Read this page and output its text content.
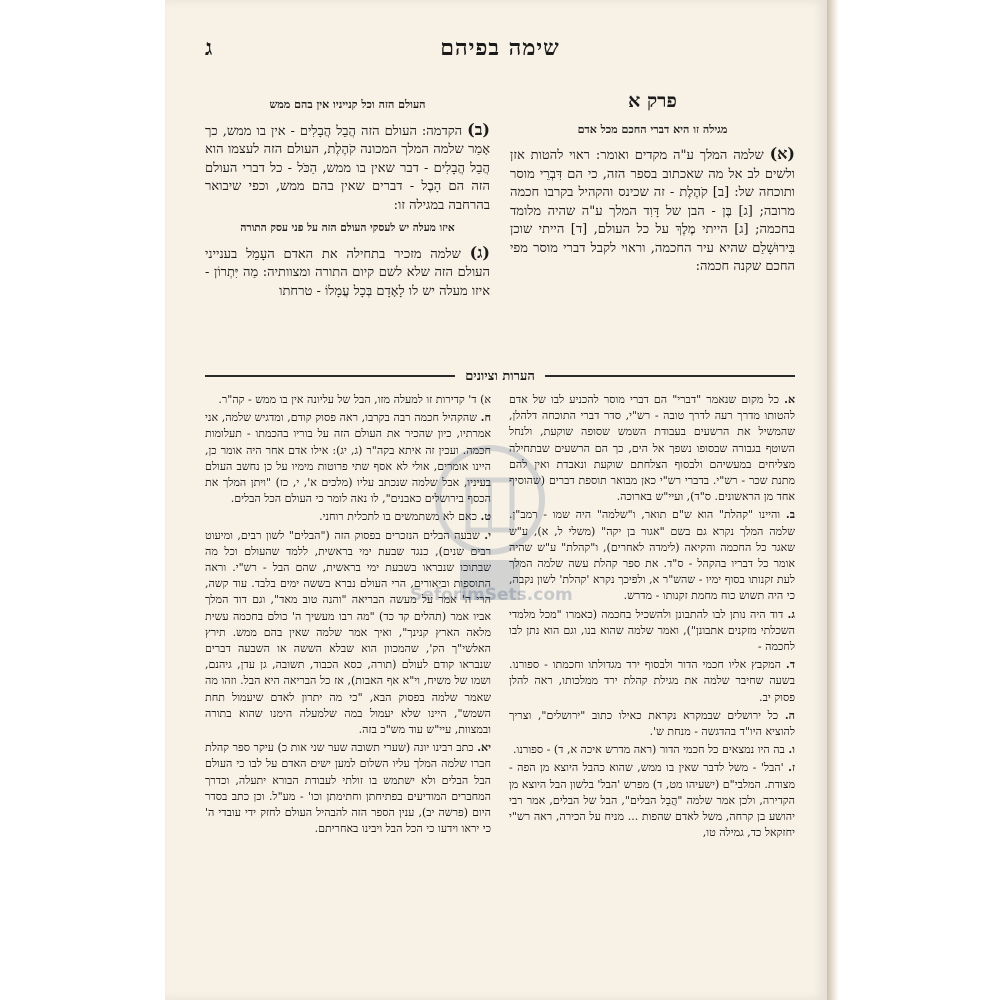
שימה בפיהם
ג
פרק א
מגילה זו היא דברי החכם מכל אדם
(א) שלמה המלך ע"ה מקדים ואומר: ראוי להטות אזן ולשים לב אל מה שאכתוב בספר הזה, כי הם דִּבְרֵי מוסר ותוכחה של: [ב] קֹהֶלֶת - זה שכינס והקהיל בקרבו חכמה מרובה; [ג] בֶּן - הבן של דָּוִד המלך ע"ה שהיה מלומד בחכמה; [ג] הייתי מֶלֶךְ על כל העולם, [ד] הייתי שוכן בִּירוּשָׁלַם שהיא עיר החכמה, וראוי לקבל דברי מוסר מפי החכם שקנה חכמה:
העולם הזה וכל קנייניו אין בהם ממש
(ב) הקדמה: העולם הזה הֲבֵל הֲבָלִים - אין בו ממש, כך אָמַר שלמה המלך המכונה קֹהֶלֶת, העולם הזה לעצמו הוא הֲבֵל הֲבָלִים - דבר שאין בו ממש, הַכֹּל - כל דברי העולם הזה הם הָבֶל - דברים שאין בהם ממש, וכפי שיבואר בהרחבה במגילה זו:
איזו מעלה יש לעסקי העולם הזה על פני עסק התורה
(ג) שלמה מזכיר בתחילה את האדם העָמֵל בענייני העולם הזה שלא לשם קיום התורה ומצוותיה: מַה יִּתְרוֹן - איזו מעלה יש לו לָאָדָם בְּכָל עֲמָלוֹ - טרחתו
הערות וציונים

א. כל מקום שנאמר "דברי" הם דברי מוסר להכניע לבו של אדם להטותו מדרך רעה לדרך טובה - רש"י, סדר דברי התוכחה דלהלן, שהמשיל את הרשעים בעבודת השמש שסופה שוקעת, ולנחל השוטף בגבורה שבסופו נשפך אל הים, כך הם הרשעים שבתחילה מצליחים במעשיהם ולבסוף הצלחתם שוקעת ונאבדת ואין להם מתנת שכר - רש"י. בדברי רש"י כאן מבואר תוספת דברים (שהוסיף אחד מן הראשונים. ס"ד), ועיי"ש בארוכה.

ב. והיינו "קהלת" הוא ש"ם תואר, ו"שלמה" היה שמו - רמב"ן. שלמה המלך נקרא גם בשם "אגור בן יקה" (משלי ל, א), ע"ש שאגר כל החכמה והקיאה (לימדה לאחרים), ו"קהלת" ע"ש שהיה אומר כל דבריו בהקהל - ס"ד. את ספר קהלת עשה שלמה המלך לעת זקנותו בסוף ימיו - שהש"ר א, ולפיכך נקרא 'קהלת' לשון נקבה, כי היה תשוש כוח מחמת זקנותו - מדרש.

ג. דוד היה נותן לבו להתבונן ולהשכיל בחכמה (כאמרו "מכל מלמדי השכלתי מזקנים אתבונן"), ואמר שלמה שהוא בנו, וגם הוא נתן לבו לחכמה -

ד. המקבץ אליו חכמי הדור ולבסוף ירד מגדולתו וחכמתו - ספורנו. בשעה שחיבר שלמה את מגילת קהלת ירד ממלכותו, ראה להלן פסוק יב.

ה. כל ירושלים שבמקרא נקראת כאילו כתוב "ירושלים", וצריך להוציא היו"ד בהדגשה - מנחת ש'.

ו. בה היו נמצאים כל חכמי הדור (ראה מדרש איכה א, ד) - ספורנו.

ז. 'הבל' - משל לדבר שאין בו ממש, שהוא כהבל היוצא מן הפה - מצודת. המלבי"ם (ישעיהו מט, ד) מפרש 'הבל' בלשון הבל היוצא מן הקדירה, ולכן אמר שלמה "הֲבֵל הבלים", הבל של הבלים, אמר רבי יהושע בן קרחה, משל לאדם שהפות ... מניח על הכירה, ראה רש"י יחזקאל כד, גמילה טו,

א) ד' קדירות זו למעלה מזו, הבל של עליונה אין בו ממש - קה"ר.

ח. שהקהיל חכמה רבה בקרבו, ראה פסוק קודם, ומדגיש שלמה, אני אמרתיו, כיון שהכיר את העולם הזה על בוריו בהכמתו - תעלומות חכמה. ועכין זה איתא בקה"ר (ג, יג): אילו אדם אחר היה אומר כן, היינו אומרים, אולי לא אסף שתי פרוטות מימיו על כן נחשב העולם בעיניו, אבל שלמה שנכתב עליו (מלכים א', י, כז) "ויתן המלך את הכסף בירושלים כאבנים", לו נאה לומר כי העולם הכל הבלים.

ט. כאם לא משתמשים בו לתכלית רוחני.

י. שבעה הבלים הנזכרים בפסוק הזה ("הבלים" לשון רבים, ומיעוט רבים שנים), כנגד שבעת ימי בראשית, ללמד שהעולם וכל מה שבתוכו שנבראו בשבעת ימי בראשית, שהם הבל - רש"י. וראה התוספות וביאורים, הרי העולם נברא בששה ימים בלבד. עוד קשה, הרי ה' אמר על מעשה הבריאה "והנה טוב מאד", וגם דוד המלך אביו אמר (תהלים קד כד) "מה רבו מעשיך ה' כולם בחכמה עשית מלאה הארץ קנינך", ואיך אמר שלמה שאין בהם ממש. תירץ האלשי"ך הק', שהמכוון הוא שבלא הששה או השבעה דברים שנבראו קודם לעולם (תורה, כסא הכבוד, תשובה, גן עדן, גיהנם, ושמו של משיח, וי"א אף האבות), אז כל הבריאה היא הבל. וזהו מה שאמר שלמה בפסוק הבא, "כי מה יתרון לאדם שיעמול תחת השמש", היינו שלא יעמול במה שלמעלה הימנו שהוא בתורה ובמצוות, עיי"ש עוד מש"כ בזה.

יא. כתב רבינו יונה (שערי תשובה שער שני אות כ) עיקר ספר קהלת חברו שלמה המלך עליו השלום למען ישים האדם על לבו כי העולם הבל הבלים ולא ישתמש בו זולתי לעבודת הבורא יתעלה, וכדרך המחברים המודיעים בפתיחתן וחתימתן וכו' - מע"ל. וכן כתב בסדר היום (פרשה יב), ענין הספר הזה להבהיל העולם לחזק ידי עובדי ה' כי יראו וידעו כי הכל הבל ויבינו באחריתם.

SeforimSets.com
